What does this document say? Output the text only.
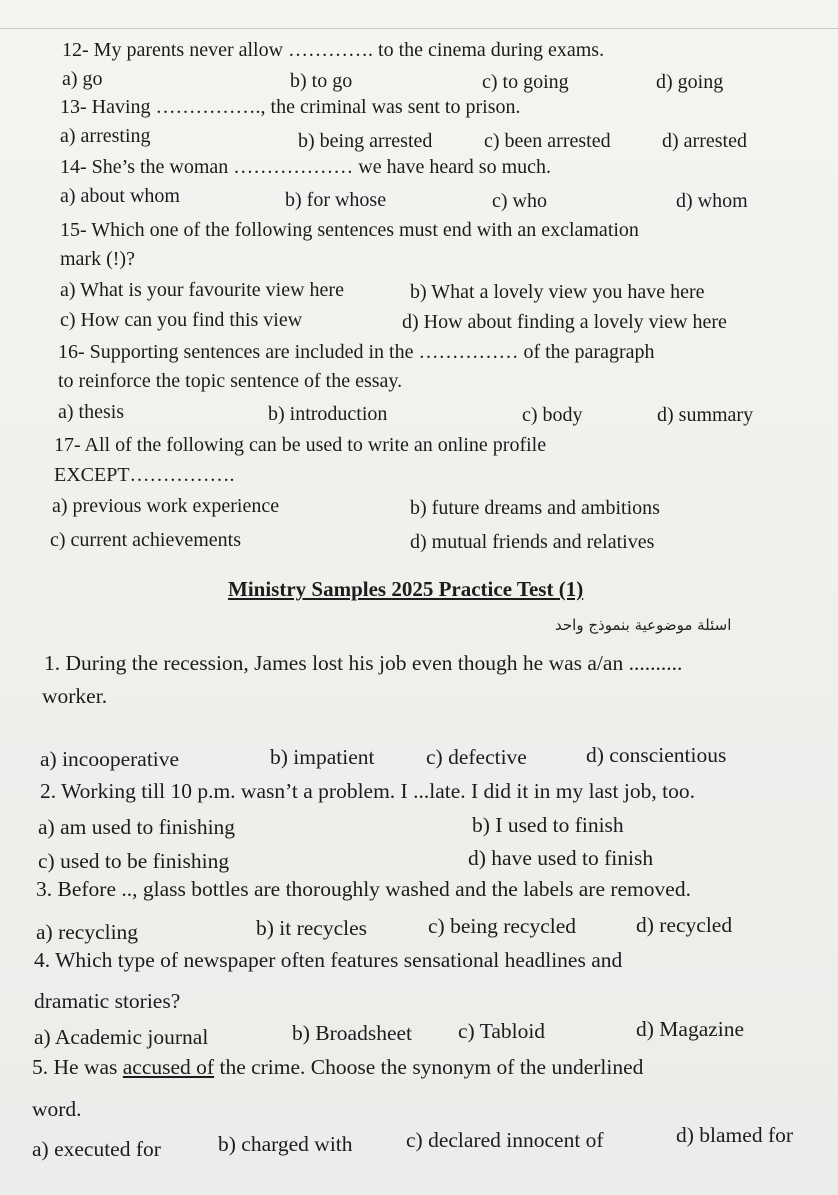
12- My parents never allow …………. to the cinema during exams.
a) go	b) to go	c) to going	d) going
13- Having ……………., the criminal was sent to prison.
a) arresting	b) being arrested	c) been arrested	d) arrested
14- She’s the woman ……………… we have heard so much.
a) about whom	b) for whose	c) who	d) whom
15- Which one of the following sentences must end with an exclamation
mark (!)?
a) What is your favourite view here	b) What a lovely view you have here
c) How can you find this view	d) How about finding a lovely view here
16- Supporting sentences are included in the …………… of the paragraph
to reinforce the topic sentence of the essay.
a) thesis	b) introduction	c) body	d) summary
17- All of the following can be used to write an online profile
EXCEPT…………….
a) previous work experience	b) future dreams and ambitions
c) current achievements	d) mutual friends and relatives
Ministry Samples 2025 Practice Test (1)
اسئلة موضوعية بنموذج واحد
1. During the recession, James lost his job even though he was a/an ..........
worker.
a) incooperative	b) impatient c) defective	d) conscientious
2. Working till 10 p.m. wasn’t a problem. I ...late. I did it in my last job, too.
a) am used to finishing	b) I used to finish
c) used to be finishing	d) have used to finish
3. Before .., glass bottles are thoroughly washed and the labels are removed.
a) recycling	b) it recycles	c) being recycled	d) recycled
4. Which type of newspaper often features sensational headlines and
dramatic stories?
a) Academic journal	b) Broadsheet c) Tabloid	d) Magazine
5. He was accused of the crime. Choose the synonym of the underlined
word.
a) executed for	b) charged with c) declared innocent of	d) blamed for
